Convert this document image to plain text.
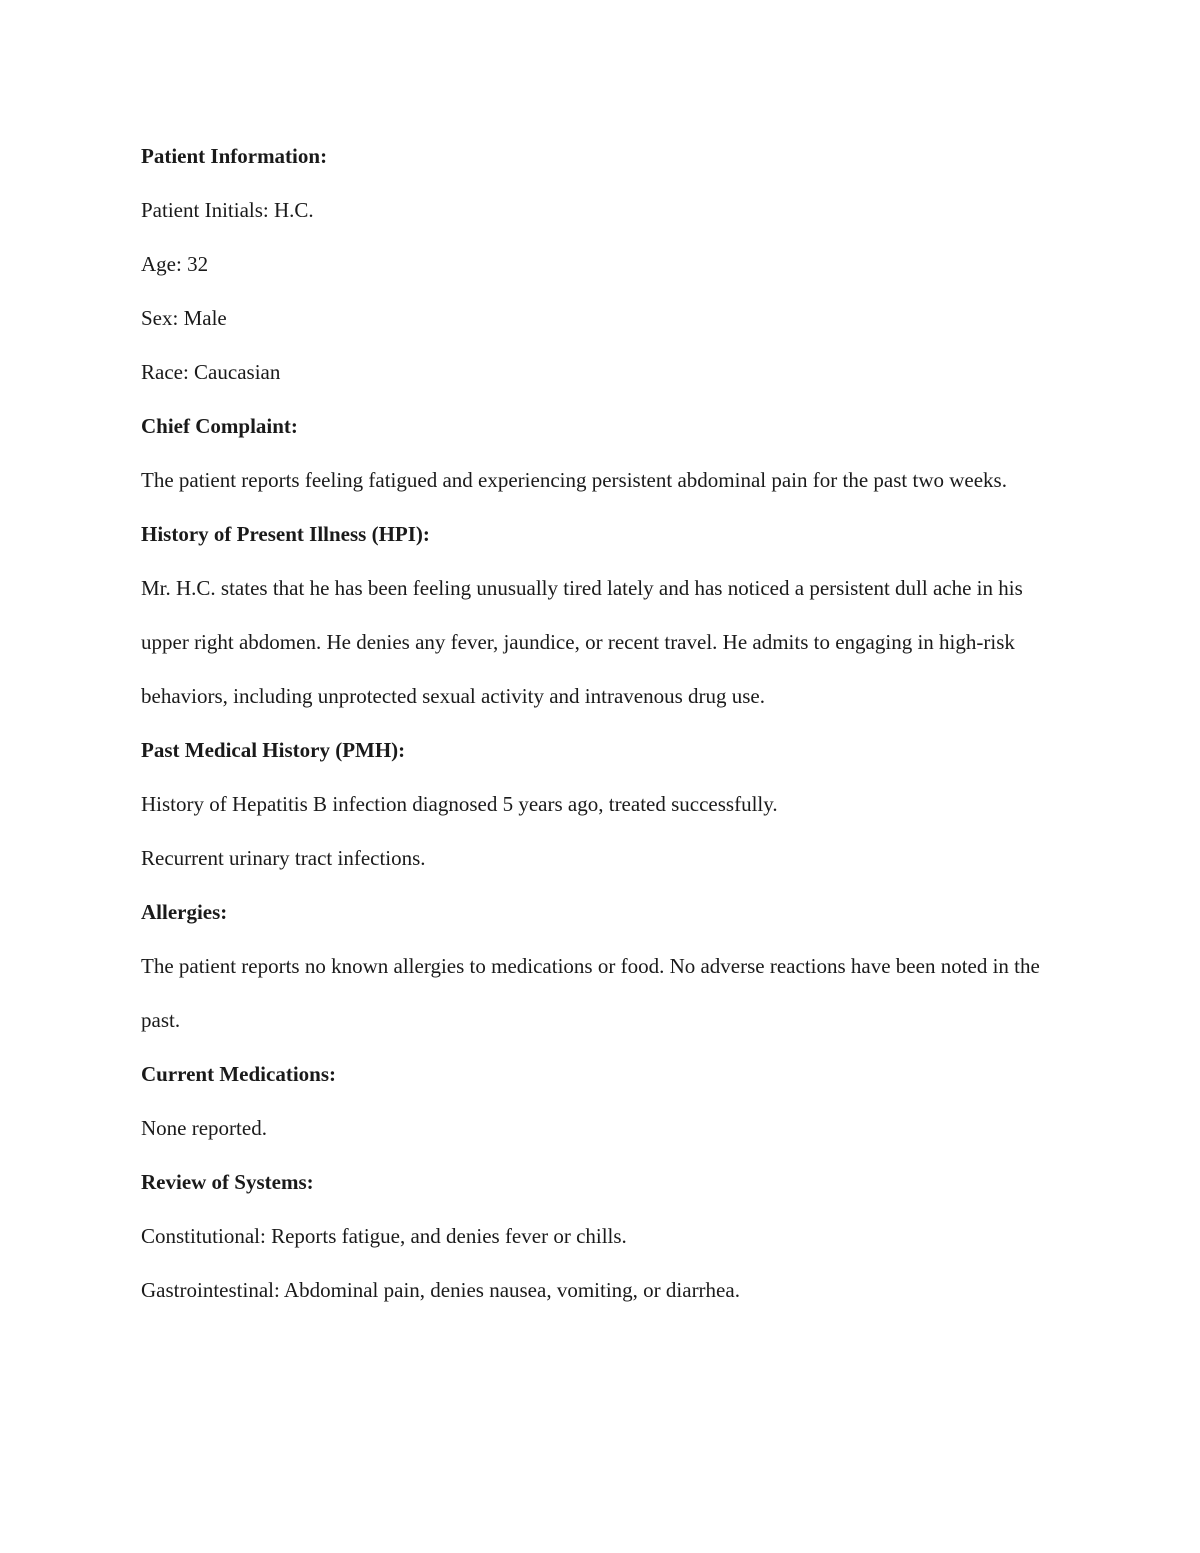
Patient Information:

Patient Initials: H.C.

Age: 32

Sex: Male

Race: Caucasian

Chief Complaint:

The patient reports feeling fatigued and experiencing persistent abdominal pain for the past two weeks.

History of Present Illness (HPI):

Mr. H.C. states that he has been feeling unusually tired lately and has noticed a persistent dull ache in his upper right abdomen. He denies any fever, jaundice, or recent travel. He admits to engaging in high-risk behaviors, including unprotected sexual activity and intravenous drug use.

Past Medical History (PMH):

History of Hepatitis B infection diagnosed 5 years ago, treated successfully.

Recurrent urinary tract infections.

Allergies:

The patient reports no known allergies to medications or food. No adverse reactions have been noted in the past.

Current Medications:

None reported.

Review of Systems:

Constitutional: Reports fatigue, and denies fever or chills.

Gastrointestinal: Abdominal pain, denies nausea, vomiting, or diarrhea.
